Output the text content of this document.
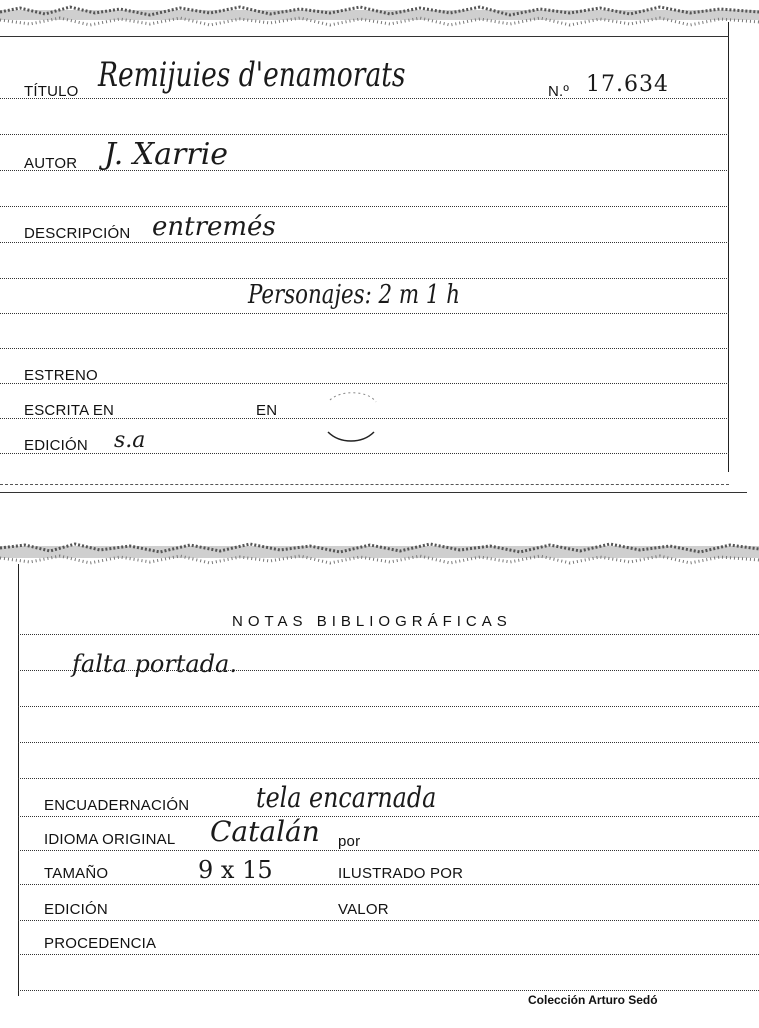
TÍTULO Remijuies d'enamorats	N.º 17.634
AUTOR J. Xarrie
DESCRIPCIÓN entremés
Personajes: 2 m 1 h
ESTRENO
ESCRITA EN	EN
EDICIÓN s.a
NOTAS BIBLIOGRÁFICAS
falta portada.
ENCUADERNACIÓN tela encarnada
IDIOMA ORIGINAL Catalán por
TAMAÑO	9 x 15	ILUSTRADO POR
EDICIÓN	VALOR
PROCEDENCIA
Colección Arturo Sedó
